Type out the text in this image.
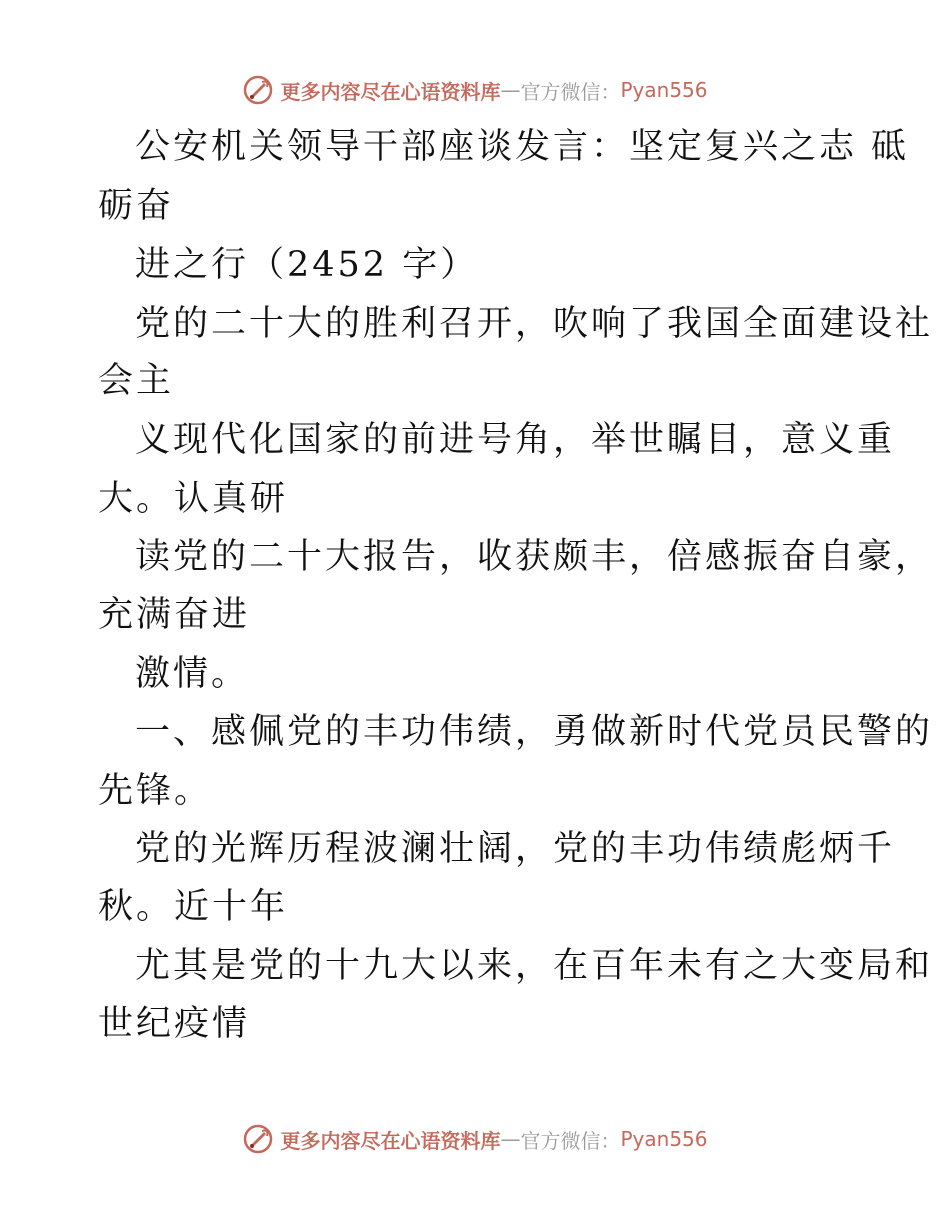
更多内容尽在心语资料库 — 官方微信： Pyan556
公安机关领导干部座谈发言：坚定复兴之志 砥
砺奋
进之行（2452 字）
党的二十大的胜利召开，吹响了我国全面建设社
会主
义现代化国家的前进号角，举世瞩目，意义重
大。认真研
读党的二十大报告，收获颇丰，倍感振奋自豪，
充满奋进
激情。
一、感佩党的丰功伟绩，勇做新时代党员民警的
先锋。
党的光辉历程波澜壮阔，党的丰功伟绩彪炳千
秋。近十年
尤其是党的十九大以来，在百年未有之大变局和
世纪疫情
更多内容尽在心语资料库 — 官方微信： Pyan556
